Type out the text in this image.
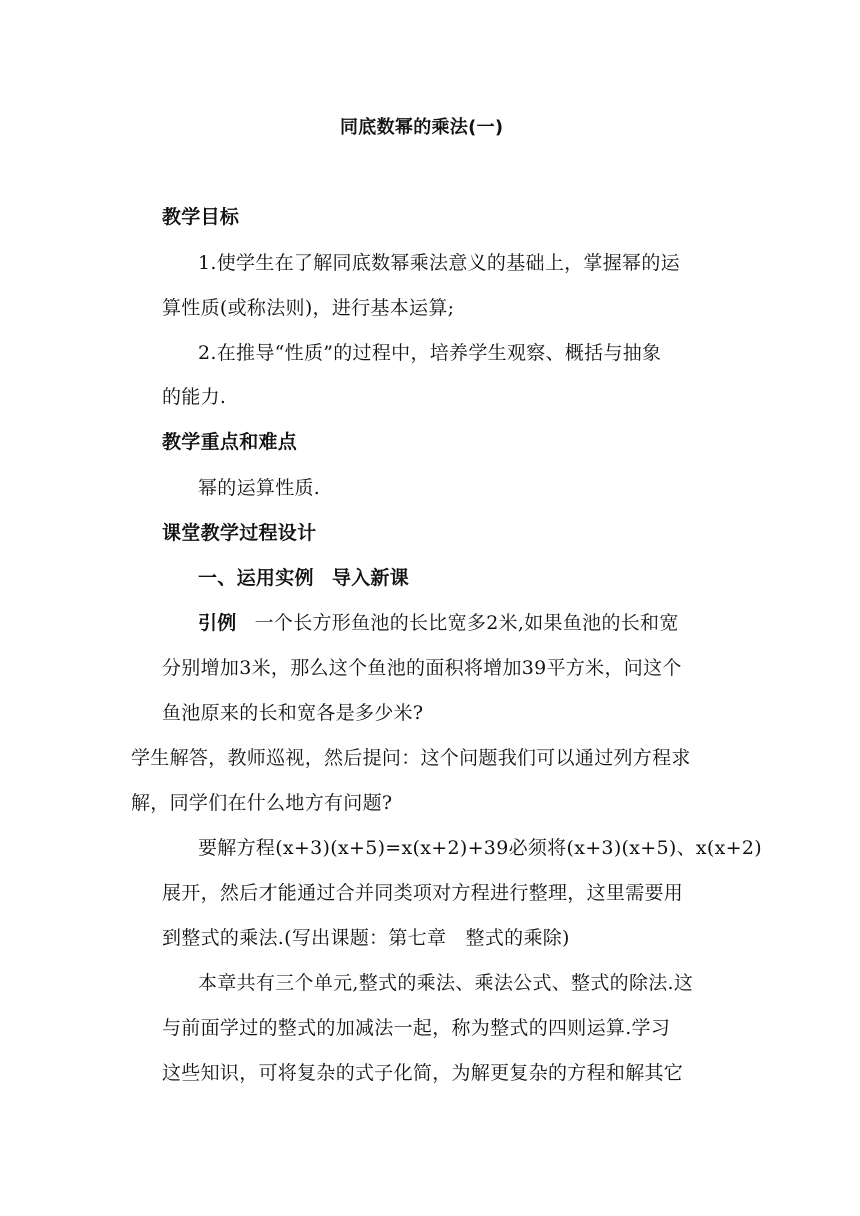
同底数幂的乘法(一)
教学目标
1.使学生在了解同底数幂乘法意义的基础上，掌握幂的运
算性质(或称法则)，进行基本运算;
2.在推导“性质”的过程中，培养学生观察、概括与抽象
的能力.
教学重点和难点
幂的运算性质.
课堂教学过程设计
一、运用实例 导入新课
引例 一个长方形鱼池的长比宽多2米,如果鱼池的长和宽
分别增加3米，那么这个鱼池的面积将增加39平方米，问这个
鱼池原来的长和宽各是多少米?
学生解答，教师巡视，然后提问：这个问题我们可以通过列方程求
解，同学们在什么地方有问题?
要解方程(x+3)(x+5)=x(x+2)+39必须将(x+3)(x+5)、x(x+2)
展开，然后才能通过合并同类项对方程进行整理，这里需要用
到整式的乘法.(写出课题：第七章　整式的乘除)
本章共有三个单元,整式的乘法、乘法公式、整式的除法.这
与前面学过的整式的加减法一起，称为整式的四则运算.学习
这些知识，可将复杂的式子化简，为解更复杂的方程和解其它
